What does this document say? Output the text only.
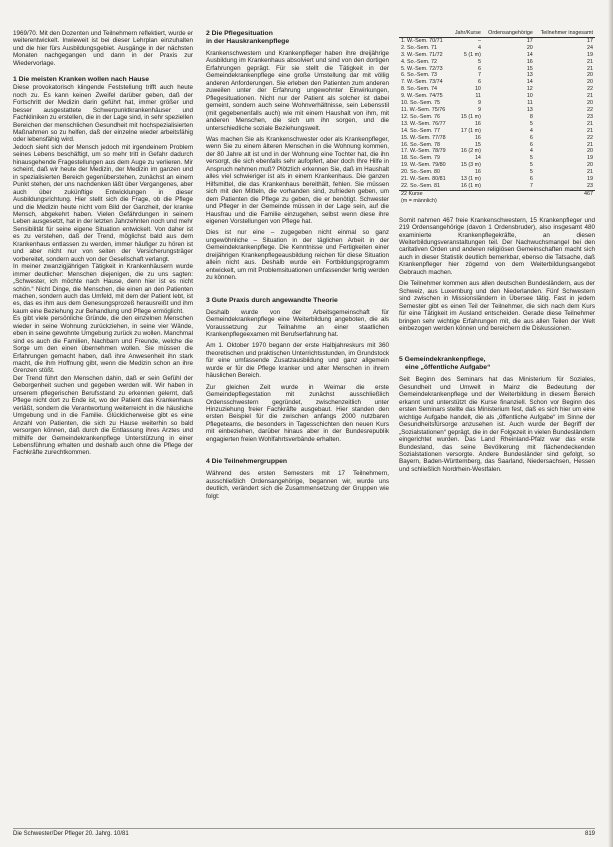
1969/70. Mit den Dozenten und Teilnehmern reflektiert, wurde er weiterentwickelt. Inwieweit ist bei dieser Lehrplan einzuhalten und die hier fürs Ausbildungsgebiet. Ausgänge in der nächsten Monaten nachgegangen und dann in der Praxis zur Wiedervorlage.

1 Die meisten Kranken wollen nach Hause

Diese provokatorisch klingende Feststellung trifft auch heute noch zu. Es kann keinen Zweifel darüber geben, daß der Fortschritt der Medizin darin geführt hat, immer größer und besser ausgestattete Schwerpunktkrankenhäuser und Fachkliniken zu erstellen, die in der Lage sind, in sehr speziellen Bereichen der menschlichen Gesundheit mit hochspezialisierten Maßnahmen so zu helfen, daß der einzelne wieder arbeitsfähig oder lebensfähig wird.

Jedoch sieht sich der Mensch jedoch mit irgendeinem Problem seines Lebens beschäftigt, um so mehr tritt in Gefahr dadurch hinausgehende Fragestellungen aus dem Auge zu verlieren. Mir scheint, daß wir heute der Medizin, der Medizin im ganzen und in spezialisierten Bereich gegenüberstehen, zunächst an einem Punkt stehen, der uns nachdenken läßt über Vergangenes, aber auch über zukünftige Entwicklungen in dieser Ausbildungsrichtung. Hier stellt sich die Frage, ob die Pflege und die Medizin heute nicht vom Bild der Ganzheit, der kranke Mensch, abgekehrt haben. Vielen Gefährdungen in seinem Leben ausgesetzt, hat in der letzten Jahrzehnten noch und mehr Sensibilität für seine eigene Situation entwickelt. Von daher ist es zu verstehen, daß der Trend, möglichst bald aus dem Krankenhaus entlassen zu werden, immer häufiger zu hören ist und aber nicht nur von seiten der Versicherungsträger vorbereitet, sondern auch von der Gesellschaft verlangt.

In meiner zwanzigjährigen Tätigkeit in Krankenhäusern wurde immer deutlicher: Menschen diejenigen, die zu uns sagten: „Schwester, ich möchte nach Hause, denn hier ist es nicht schön.“ Nicht Dinge, die Menschen, die einen an den Patienten machen, sondern auch das Umfeld, mit dem der Patient lebt, ist es, das es ihm aus dem Genesungsprozeß herausreißt und ihm kaum eine Beziehung zur Behandlung und Pflege ermöglicht.

Es gibt viele persönliche Gründe, die den einzelnen Menschen wieder in seine Wohnung zurückziehen, in seine vier Wände, eben in seine gewohnte Umgebung zurück zu wollen. Manchmal sind es auch die Familien, Nachbarn und Freunde, welche die Sorge um den einen übernehmen wollen. Sie müssen die Erfahrungen gemacht haben, daß ihre Anwesenheit ihn stark macht, die ihm Hoffnung gibt, wenn die Medizin schon an ihre Grenzen stößt.

Der Trend führt den Menschen dahin, daß er sein Gefühl der Geborgenheit suchen und gegeben werden will. Wir haben in unserem pflegerischen Berufsstand zu erkennen gelernt, daß Pflege nicht dort zu Ende ist, wo der Patient das Krankenhaus verläßt, sondern die Verantwortung weiterreicht in die häusliche Umgebung und in die Familie. Glücklicherweise gibt es eine Anzahl von Patienten, die sich zu Hause weiterhin so bald versorgen können, daß durch die Entlassung ihres Arztes und mithilfe der Gemeindekrankenpflege Unterstützung in einer Lebensführung erhalten und deshalb auch ohne die Pflege der Fachkräfte zurechtkommen.

2 Die Pflegesituation
in der Hauskrankenpflege

Krankenschwestern und Krankenpfleger haben ihre dreijährige Ausbildung im Krankenhaus absolviert und sind von den dortigen Erfahrungen geprägt. Für sie stellt die Tätigkeit in der Gemeindekrankenpflege eine große Umstellung dar mit völlig anderen Anforderungen. Sie erleben den Patienten zum anderen zuweilen unter der Erfahrung ungewohnter Einwirkungen, Pflegesituationen. Nicht nur der Patient als solcher ist dabei gemeint, sondern auch seine Wohnverhältnisse, sein Lebensstil (mit gegebenenfalls auch) wie mit einem Haushalt von ihm, mit anderen Menschen, die sich um ihn sorgen, und die unterschiedliche soziale Beziehungswelt.

Was machen Sie als Krankenschwester oder als Krankenpfleger, wenn Sie zu einem älteren Menschen in die Wohnung kommen, der 80 Jahre alt ist und in der Wohnung eine Tochter hat, die ihn versorgt, die sich ebenfalls sehr aufopfert, aber doch Ihre Hilfe in Anspruch nehmen muß? Plötzlich erkennen Sie, daß im Haushalt alles viel schwieriger ist als in einem Krankenhaus. Die ganzen Hilfsmittel, die das Krankenhaus bereithält, fehlen. Sie müssen sich mit den Mitteln, die vorhanden sind, zufrieden geben, um dem Patienten die Pflege zu geben, die er benötigt. Schwester und Pfleger in der Gemeinde müssen in der Lage sein, auf die Hausfrau und die Familie einzugehen, selbst wenn diese ihre eigenen Vorstellungen von Pflege hat.

Dies ist nur eine – zugegeben nicht einmal so ganz ungewöhnliche – Situation in der täglichen Arbeit in der Gemeindekrankenpflege. Die Kenntnisse und Fertigkeiten einer dreijährigen Krankenpflegeausbildung reichen für diese Situation allein nicht aus. Deshalb wurde ein Fortbildungsprogramm entwickelt, um mit Problemsituationen umfassender fertig werden zu können.

3 Gute Praxis durch angewandte Theorie

Deshalb wurde von der Arbeitsgemeinschaft für Gemeindekrankenpflege eine Weiterbildung angeboten, die als Voraussetzung zur Teilnahme an einer staatlichen Krankenpflegeexamen mit Berufserfahrung hat.

Am 1. Oktober 1970 begann der erste Halbjahreskurs mit 360 theoretischen und praktischen Unterrichtsstunden, im Grundstock für eine umfassende Zusatzausbildung und ganz allgemein wurde er für die Pflege kranker und alter Menschen in ihrem häuslichen Bereich.

Zur gleichen Zeit wurde in Weimar die erste Gemeindepflegestation mit zunächst ausschließlich Ordensschwestern gegründet, zwischenzeitlich unter Hinzuziehung freier Fachkräfte ausgebaut. Hier standen den ersten Beispiel für die zwischen anfangs 2000 nutzbaren Pflegeteams, die besonders in Tagesschichten den neuen Kurs mit einbeziehen, darüber hinaus aber in der Bundesrepublik engagierten freien Wohlfahrtsverbände erhalten.

4 Die Teilnehmergruppen

Während des ersten Semesters mit 17 Teilnehmern, ausschließlich Ordensangehörige, begannen wir, wurde uns deutlich, verändert sich die Zusammensetzung der Gruppen wie folgt:

	Jahr/Kurse	Ordensangehörige	Teilnehmer insgesamt
1. W.-Sem. 70/71	–	17	17
2. So.-Sem. 71	4	20	24
3. W.-Sem. 71/72	5 (1 m)	14	19
4. So.-Sem. 72	5	16	21
5. W.-Sem. 72/73	6	15	21
6. So.-Sem. 73	7	13	20
7. W.-Sem. 73/74	6	14	20
8. So.-Sem. 74	10	12	22
9. W.-Sem. 74/75	11	10	21
10. So.-Sem. 75	9	11	20
11. W.-Sem. 75/76	9	13	22
12. So.-Sem. 76	15 (1 m)	8	23
13. W.-Sem. 76/77	16	5	21
14. So.-Sem. 77	17 (1 m)	4	21
15. W.-Sem. 77/78	16	6	22
16. So.-Sem. 78	15	6	21
17. W.-Sem. 78/79	16 (2 m)	4	20
18. So.-Sem. 79	14	5	19
19. W.-Sem. 79/80	15 (3 m)	5	20
20. So.-Sem. 80	16	5	21
21. W.-Sem. 80/81	13 (1 m)	6	19
22. So.-Sem. 81	16 (1 m)	7	23
22 Kurse			467
(m = männlich)			

Somit nahmen 467 freie Krankenschwestern, 15 Krankenpfleger und 219 Ordensangehörige (davon 1 Ordensbruder), also insgesamt 480 examinierte Krankenpflegekräfte, an diesen Weiterbildungsveranstaltungen teil. Der Nachwuchsmangel bei den caritativen Orden und anderen religiösen Gemeinschaften macht sich auch in dieser Statistik deutlich bemerkbar, ebenso die Tatsache, daß Krankenpfleger hier zögernd von dem Weiterbildungsangebot Gebrauch machen.

Die Teilnehmer kommen aus allen deutschen Bundesländern, aus der Schweiz, aus Luxemburg und den Niederlanden. Fünf Schwestern sind zwischen in Missionsländern in Übersee tätig. Fast in jedem Semester gibt es einen Teil der Teilnehmer, die sich nach dem Kurs für eine Tätigkeit im Ausland entscheiden. Gerade diese Teilnehmer bringen sehr wichtige Erfahrungen mit, die aus allen Teilen der Welt einbezogen werden können und bereichern die Diskussionen.

5 Gemeindekrankenpflege,
eine „öffentliche Aufgabe“

Seit Beginn des Seminars hat das Ministerium für Soziales, Gesundheit und Umwelt in Mainz die Bedeutung der Gemeindekrankenpflege und der Weiterbildung in diesem Bereich erkannt und unterstützt die Kurse finanziell. Schon vor Beginn des ersten Seminars stellte das Ministerium fest, daß es sich hier um eine wichtige Aufgabe handelt, die als „öffentliche Aufgabe“ im Sinne der Gesundheitsfürsorge anzusehen ist. Auch wurde der Begriff der „Sozialstationen“ geprägt, die in der Folgezeit in vielen Bundesländern eingerichtet wurden. Das Land Rheinland-Pfalz war das erste Bundesland, das seine Bevölkerung mit flächendeckenden Sozialstationen versorgte. Andere Bundesländer sind gefolgt, so Bayern, Baden-Württemberg, das Saarland, Niedersachsen, Hessen und schließlich Nordrhein-Westfalen.

Die Schwester/Der Pfleger 20. Jahrg. 10/81	819
